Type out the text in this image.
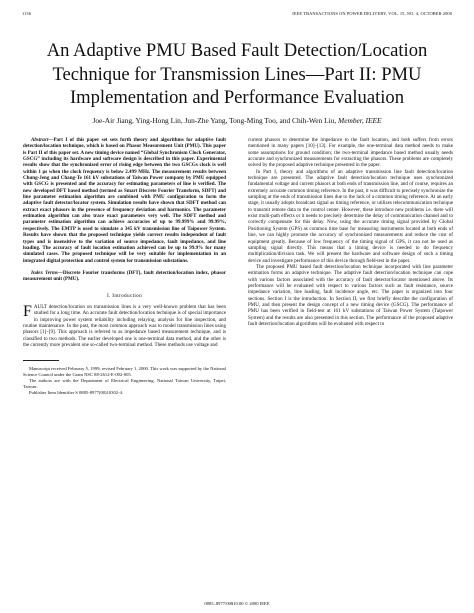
1136	IEEE TRANSACTIONS ON POWER DELIVERY, VOL. 15, NO. 4, OCTOBER 2000
An Adaptive PMU Based Fault Detection/Location
Technique for Transmission Lines—Part II: PMU
Implementation and Performance Evaluation
Joe-Air Jiang, Ying-Hong Lin, Jun-Zhe Yang, Tong-Ming Too, and Chih-Wen Liu, Member, IEEE

Abstract—Part I of this paper set sets forth theory and algorithms for adaptive fault detection/location technique, which is based on Phasor Measurement Unit (PMU). This paper is Part II of this paper set. A new timing device named “Global Synchronism Clock Generator, GSCG” including its hardware and software design is described in this paper. Experimental results show that the synchronized error of rising edge between the two GSCGs clock is well within 1 μs when the clock frequency is below 2.499 MHz. The measurement results between Chung-Jeng and Chang-Te 161 kV substations of Taiwan Power company by PMU equipped with GSCG is presented and the accuracy for estimating parameters of line is verified. The new developed DFT based method (termed as Smart Discrete Fourier Transform, SDFT) and line parameter estimation algorithm are combined with PMU configuration to form the adaptive fault detector/locator system. Simulation results have shown that SDFT method can extract exact phasors in the presence of frequency deviation and harmonics. The parameter estimation algorithm can also trace exact parameters very well. The SDFT method and parameter estimation algorithm can achieve accuracies of up to 99.999% and 99.99%, respectively. The EMTP is used to simulate a 345 kV transmission line of Taipower System. Results have shown that the proposed technique yields correct results independent of fault types and is insensitive to the variation of source impedance, fault impedance, and line loading. The accuracy of fault location estimation achieved can be up to 99.9% for many simulated cases. The proposed technique will be very suitable for implementation in an integrated digital protection and control system for transmission substations.

Index Terms—Discrete Fourier transforms (DFT), fault detection/location index, phasor measurement unit (PMU).

I. Introduction

FAULT detection/location on transmission lines is a very well-known problem that has been studied for a long time. An accurate fault detection/location technique is of special importance in improving power system reliability including relaying, analysis for line inspection, and routine maintenance. In the past, the most common approach was to model transmission lines using phasors [1]–[9]. This approach is referred to as impedance based measurement technique, and is classified to two methods. The earlier developed one is one-terminal data method, and the other is the currently more prevalent one so-called two-terminal method. These methods use voltage and

Manuscript received February 5, 1999; revised February 1, 2000. This work was supported by the National Science Council under the Grant NSC 88-2612-E-002-005.

The authors are with the Department of Electrical Engineering, National Taiwan University, Taipei, Taiwan.

Publisher Item Identifier S 0885-8977(00)10302-4.

current phasors to determine the impedance to the fault location, and both suffers from errors mentioned in many papers [10]–[13]. For example, the one-terminal data method needs to make some assumptions for ground condition; the two-terminal impedance based method usually needs accurate and synchronized measurements for extracting the phasors. These problems are completely solved by the proposed adaptive technique presented in the paper.

In Part I, theory and algorithms of an adaptive transmission line fault detection/location technique are presented. The adaptive fault detection/location technique uses synchronized fundamental voltage and current phasors at both ends of transmission line, and of course, requires an extremely accurate common timing reference. In the past, it was difficult to precisely synchronize the sampling at the ends of transmission lines due to the lack of a common timing reference. At an early stage, it usually adopts broadcast signal as timing reference, or utilizes telecommunication technique to transmit remote data to the control center. However, these introduce new problems i.e. there will exist multi-path effects or it needs to precisely determine the delay of communication channel and to correctly compensate for this delay. Now, using the accurate timing signal provided by Global Positioning System (GPS) as common time base for measuring instruments located at both ends of line, we can highly promote the accuracy of synchronized measurements and reduce the cost of equipment greatly. Because of low frequency of the timing signal of GPS, it can not be used as sampling signal directly. This means that a timing device is needed to do frequency multiplication/division task. We will present the hardware and software design of such a timing device and investigate performance of this device through field-test in the paper.

The proposed PMU based fault detection/location technique incorporated with line parameter estimation forms an adaptive technique. The adaptive fault detection/location technique can cope with various factors associated with the accuracy of fault detector/locator mentioned above. Its performance will be evaluated with respect to various factors such as fault resistance, source impedance variation, line loading, fault incidence angle, etc. The paper is organized into four sections. Section I is the introduction. In Section II, we first briefly describe the configuration of PMU, and then present the design concept of a new timing device (GSCG). The performance of PMU has been verified in field-test at 161 kV substations of Taiwan Power System (Taipower System) and the results are also presented in this section. The performance of the proposed adaptive fault detection/location algorithms will be evaluated with respect to

0885–8977/00$10.00 © 2000 IEEE
